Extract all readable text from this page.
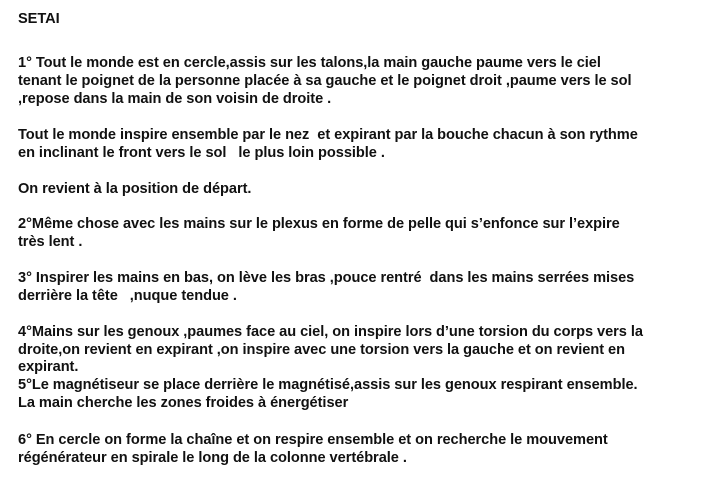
SETAI
1° Tout le monde est en cercle,assis sur les talons,la main gauche paume vers le ciel
tenant le poignet de la personne placée à sa gauche et le poignet droit ,paume vers le sol
,repose dans la main de son voisin de droite .
Tout le monde inspire ensemble par le nez  et expirant par la bouche chacun à son rythme
en inclinant le front vers le sol   le plus loin possible .
On revient à la position de départ.
2°Même chose avec les mains sur le plexus en forme de pelle qui s’enfonce sur l’expire
très lent .
3° Inspirer les mains en bas, on lève les bras ,pouce rentré  dans les mains serrées mises
derrière la tête   ,nuque tendue .
4°Mains sur les genoux ,paumes face au ciel, on inspire lors d’une torsion du corps vers la
droite,on revient en expirant ,on inspire avec une torsion vers la gauche et on revient en
expirant.
5°Le magnétiseur se place derrière le magnétisé,assis sur les genoux respirant ensemble.
La main cherche les zones froides à énergétiser
6° En cercle on forme la chaîne et on respire ensemble et on recherche le mouvement
régénérateur en spirale le long de la colonne vertébrale .
